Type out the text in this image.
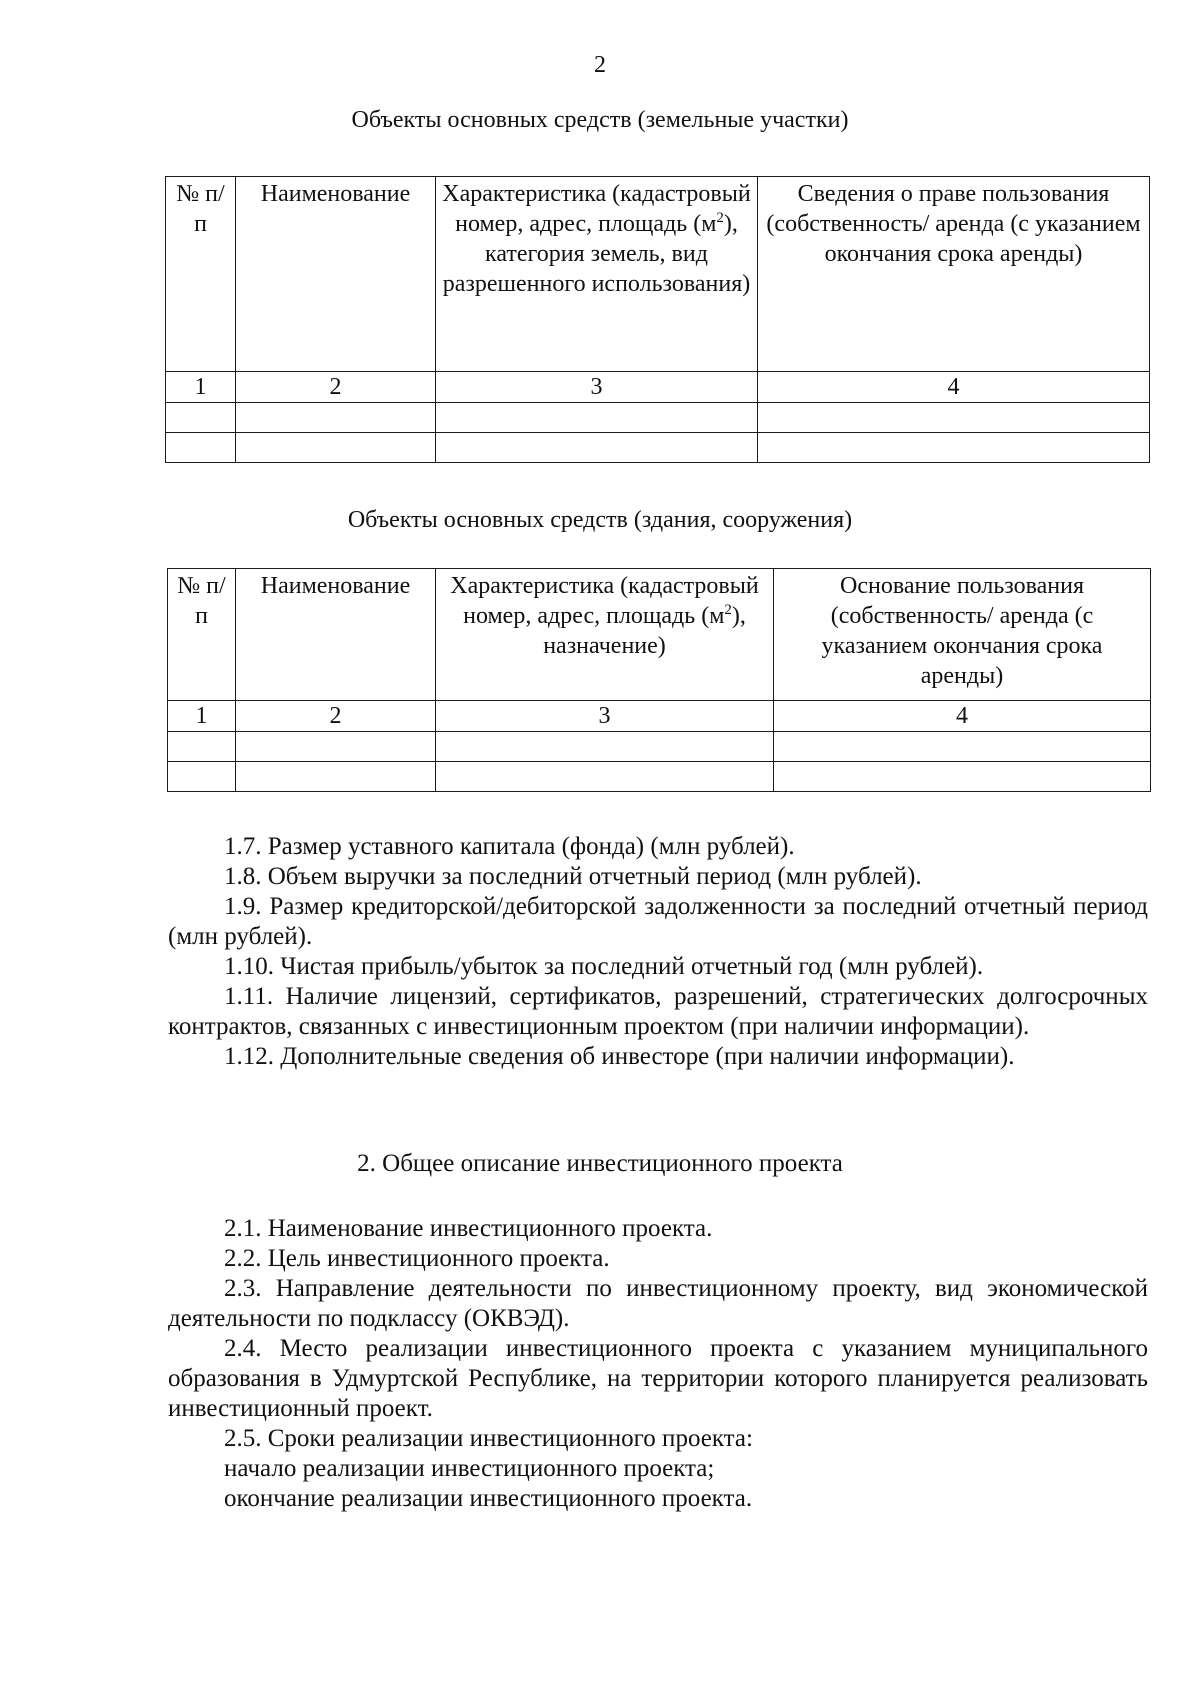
2
Объекты основных средств (земельные участки)
№ п/п	Наименование	Характеристика (кадастровый номер, адрес, площадь $(м^2)$, категория земель, вид разрешенного использования)	Сведения о праве пользования (собственность/ аренда (с указанием окончания срока аренды)
1	2	3	4

Объекты основных средств (здания, сооружения)
№ п/п	Наименование	Характеристика (кадастровый номер, адрес, площадь $(м^2)$, назначение)	Основание пользования (собственность/ аренда (с указанием окончания срока аренды)
1	2	3	4

1.7. Размер уставного капитала (фонда) (млн рублей).

1.8. Объем выручки за последний отчетный период (млн рублей).

1.9. Размер кредиторской/дебиторской задолженности за последний отчетный период (млн рублей).

1.10. Чистая прибыль/убыток за последний отчетный год (млн рублей).

1.11. Наличие лицензий, сертификатов, разрешений, стратегических долгосрочных контрактов, связанных с инвестиционным проектом (при наличии информации).

1.12. Дополнительные сведения об инвесторе (при наличии информации).

2. Общее описание инвестиционного проекта

2.1. Наименование инвестиционного проекта.

2.2. Цель инвестиционного проекта.

2.3. Направление деятельности по инвестиционному проекту, вид экономической деятельности по подклассу (ОКВЭД).

2.4. Место реализации инвестиционного проекта с указанием муниципального образования в Удмуртской Республике, на территории которого планируется реализовать инвестиционный проект.

2.5. Сроки реализации инвестиционного проекта:

начало реализации инвестиционного проекта;

окончание реализации инвестиционного проекта.
